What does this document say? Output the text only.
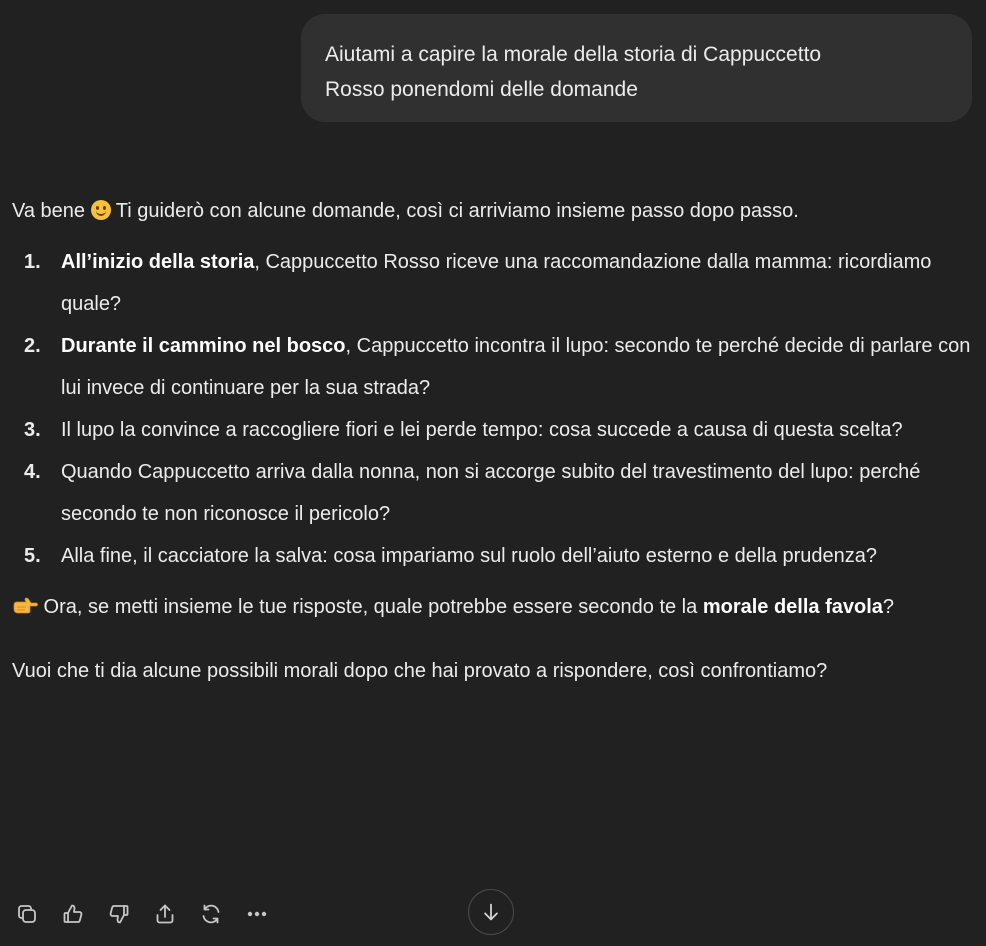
Aiutami a capire la morale della storia di Cappuccetto
Rosso ponendomi delle domande

Va bene  Ti guiderò con alcune domande, così ci arriviamo insieme passo dopo passo.

1. All’inizio della storia, Cappuccetto Rosso riceve una raccomandazione dalla mamma: ricordiamo quale?
2. Durante il cammino nel bosco, Cappuccetto incontra il lupo: secondo te perché decide di parlare con lui invece di continuare per la sua strada?
3. Il lupo la convince a raccogliere fiori e lei perde tempo: cosa succede a causa di questa scelta?
4. Quando Cappuccetto arriva dalla nonna, non si accorge subito del travestimento del lupo: perché secondo te non riconosce il pericolo?
5. Alla fine, il cacciatore la salva: cosa impariamo sul ruolo dell’aiuto esterno e della prudenza?

Ora, se metti insieme le tue risposte, quale potrebbe essere secondo te la morale della favola?

Vuoi che ti dia alcune possibili morali dopo che hai provato a rispondere, così confrontiamo?
